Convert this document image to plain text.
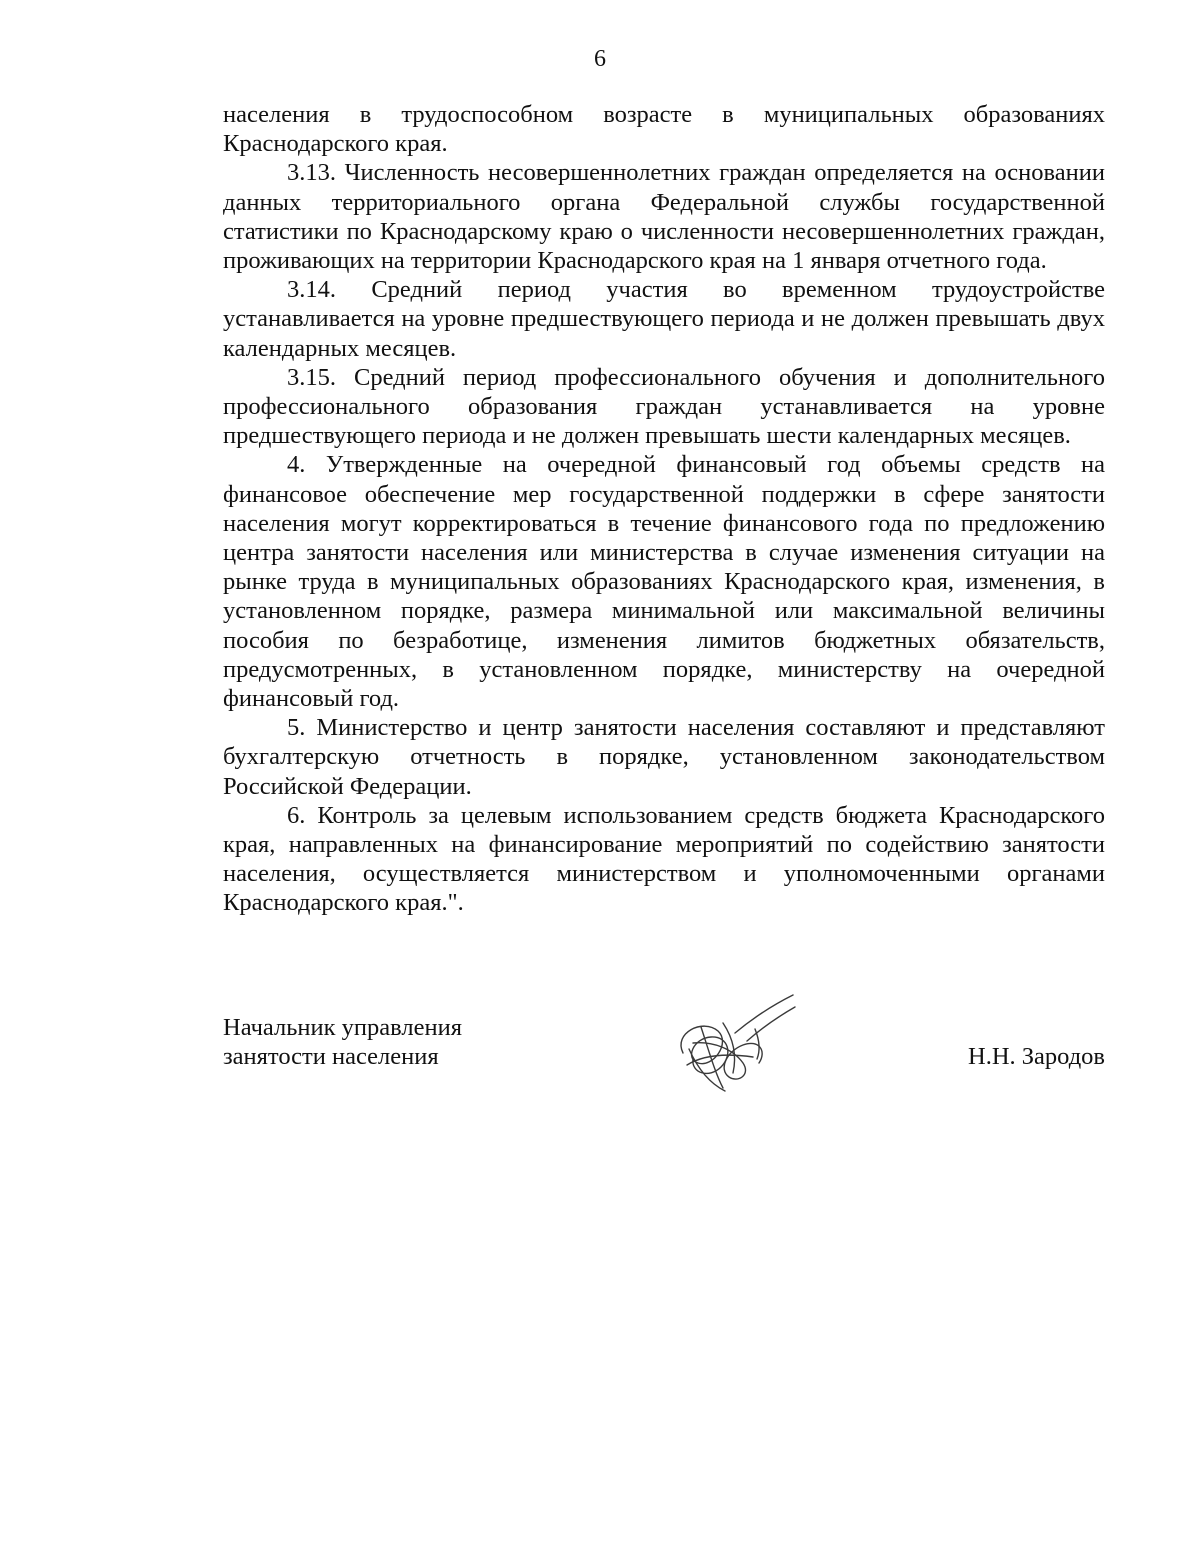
6

населения в трудоспособном возрасте в муниципальных образованиях Краснодарского края.

3.13. Численность несовершеннолетних граждан определяется на основании данных территориального органа Федеральной службы государственной статистики по Краснодарскому краю о численности несовершеннолетних граждан, проживающих на территории Краснодарского края на 1 января отчетного года.

3.14. Средний период участия во временном трудоустройстве устанавливается на уровне предшествующего периода и не должен превышать двух календарных месяцев.

3.15. Средний период профессионального обучения и дополнительного профессионального образования граждан устанавливается на уровне предшествующего периода и не должен превышать шести календарных месяцев.

4. Утвержденные на очередной финансовый год объемы средств на финансовое обеспечение мер государственной поддержки в сфере занятости населения могут корректироваться в течение финансового года по предложению центра занятости населения или министерства в случае изменения ситуации на рынке труда в муниципальных образованиях Краснодарского края, изменения, в установленном порядке, размера минимальной или максимальной величины пособия по безработице, изменения лимитов бюджетных обязательств, предусмотренных, в установленном порядке, министерству на очередной финансовый год.

5. Министерство и центр занятости населения составляют и представляют бухгалтерскую отчетность в порядке, установленном законодательством Российской Федерации.

6. Контроль за целевым использованием средств бюджета Краснодарского края, направленных на финансирование мероприятий по содействию занятости населения, осуществляется министерством и уполномоченными органами Краснодарского края.".

Начальник управления
занятости населения	Н.Н. Зародов
